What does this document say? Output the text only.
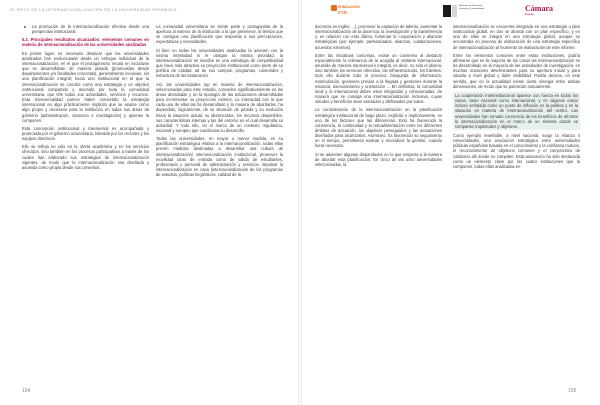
EL RETO DE LA INTERNACIONALIZACIÓN DE LA UNIVERSIDAD ESPAÑOLA	FUNDACIÓN
CYD
Ministerio de Economía, Industria y Competitividad	Cámara
España
La promoción de la internacionalización efectiva desde una perspectiva institucional.

5.2. Principales resultados alcanzados: elementos comunes en materia de internacionalización de las universidades analizadas

En primer lugar, es necesario destacar que las universidades analizadas han evolucionado desde un enfoque individual de la internacionalización, en el que el protagonismo recaía en iniciativas que se desarrollaban de manera aislada (promovidas desde departamentos y/o facultades concretas), generalmente incoexas, sin una planificación integral; hacia uno institucional en el que la internacionalización se concibe como una estrategia y un objetivo institucional compartido y asumido por toda la comunidad universitaria, que tiñe todas sus actividades, servicios y recursos. Esta transversalidad parece haber convertido la estrategia internacional en algo prácticamente implícito que se asume como algo propio y necesario para la institución en todas sus áreas de gobierno (administración, docencia e investigación) y quienes la componen.

Esta concepción institucional y transversal es acompañada y promovida por el gobierno universitario, liderada por los rectores y los equipos directivos.

Ello se refleja no sólo en la oferta académica y en los servicios ofrecidos, sino también en los procesos participativos a través de los cuales han elaborado sus estrategias de internacionalización vigentes, de modo que la internacionalización sea diseñada y asumida como propia desde sus cimientos.

La comunidad universitaria se siente parte y protagonista de la apertura al exterior de la institución a la que pertenece, al tiempo que se consigue una planificación que responda a sus percepciones, expectativas y necesidades.

Si bien no todas las universidades analizadas la asumen con la misma intensidad ni le otorgan la misma prioridad, la internacionalización se inscribe en una estrategia de competitividad que hace más atractiva su proyección institucional como parte de su política de calidad, tal de sus campus, programas, contenidos y estructura de las titulaciones.

Así, las universidades top en materia de internacionalización, seleccionadas para este estudio, conceden significativamente en las áreas abordadas y en la tipología de las actuaciones desarrolladas para incrementar su proyección exterior. La intensidad con la que cada una de ellas las ha desarrollado y la manera de abordarlas, ha dependido, lógicamente, de su situación de partida y su evolución hacia la situación actual, su idiosincrasia, los recursos disponibles, sus características internas y las del entorno en el cual desarrolla su actividad. Y todo ello, en el marco de un contexto regulatorio, nacional y europeo que condiciona su desarrollo.

Todas las universidades, en mayor o menor medida, en su planificación estratégica relativa a la internacionalización, todas ellas prevén medidas destinadas a desarrollar una cultura de internacionalización/ internacionalización institucional, promover la movilidad tanto de entrada como de salida de estudiantes, profesorado y personal de administración y servicios, impulsar la internacionalización en casa (internacionalización de los programas de estudios, políticas lingüísticas, calidad de la

docencia en inglés, ...), promover la captación de talento, aumentar la internacionalización de la docencia, la investigación y la transferencia y, en relación con esto último, fomentar la cooperación y alianzas estratégicas (por ejemplo: partenariados, alianzas, colaboraciones, acuerdos externos).

Entre las iniciativas concretas, existe un consenso al destacar especialmente la relevancia de la acogida al visitante internacional, asumida de manera transversal e integral, es decir, no sólo el idioma, sino también los servicios ofrecidos, las infraestructuras, los trámites, todo ello durante todo el proceso: búsqueda de información, matriculación, gestiones previas a la llegada y gestiones durante la estancia, asesoramiento y orientación ... En definitiva, la comunidad local y la internacional deben estar integradas y cohesionadas, de manera que se consiga una internacionalización inclusiva, cuyas virtudes y beneficios sean valorados y disfrutados por todos.

La consideración de la internacionalización en la planificación estratégica institucional de largo plazo, explícita o implícitamente, es uno de los factores que las diferencian. Esto ha favorecido la coherencia, la continuidad y la retroalimentación entre los diferentes ámbitos de actuación, los objetivos perseguidos y las actuaciones diseñadas para alcanzarlos. Asimismo, ha favorecido su seguimiento en el tiempo, permitiendo evaluar y reconducir la gestión, cuando fuera necesario.

Si se advierten algunas disparidades en lo que respecta a la manera de abordar esta planificación. En cinco de las ocho universidades seleccionadas, la

internacionalización se encuentra integrada en una estrategia o plan institucional global, en dos se aborda con un plan específico, y en una de ellas se integra en una estrategia global, aunque se encontraba en proceso de elaboración de una estrategia específica de internacionalización al momento de elaboración de este informe.

Entre los elementos comunes entre estas instituciones, podría afirmarse que en la mayoría de los casos las internacionalización se ha desarrollado en la mayoría de las actividades de investigación, en muchas ocasiones determinantes para su apertura inicial y para situarla a nivel global y darle visibilidad. Podría decirse, en este sentido, que en la actualidad existe cierta sinergia entre ambas dimensiones, de modo que se potencian mutuamente.

La cooperación interinstitucional aparece con fuerza en todos los casos, tanto nacional como internacional, y en algunos casos incluso señalada como un punto de inflexión en la política y en la situación en materia de internacionalización del centro. Las universidades han tomado conciencia de los beneficios de afrontar la internacionalización en el marco de un sistema donde se comparten inquietudes y objetivos.

Como ejemplo reseñable, a nivel nacional, surge la Alianza 4 Universidades, una asociación estratégica entre universidades públicas españolas basada en el conocimiento y la confianza mutuos, el reconocimiento de objetivos comunes y el compromiso de colaborar allí donde no compiten. Esta asociación ha sido destacada como un elemento clave por las cuatro instituciones que la componen, todas ellas analizadas en

104	105
